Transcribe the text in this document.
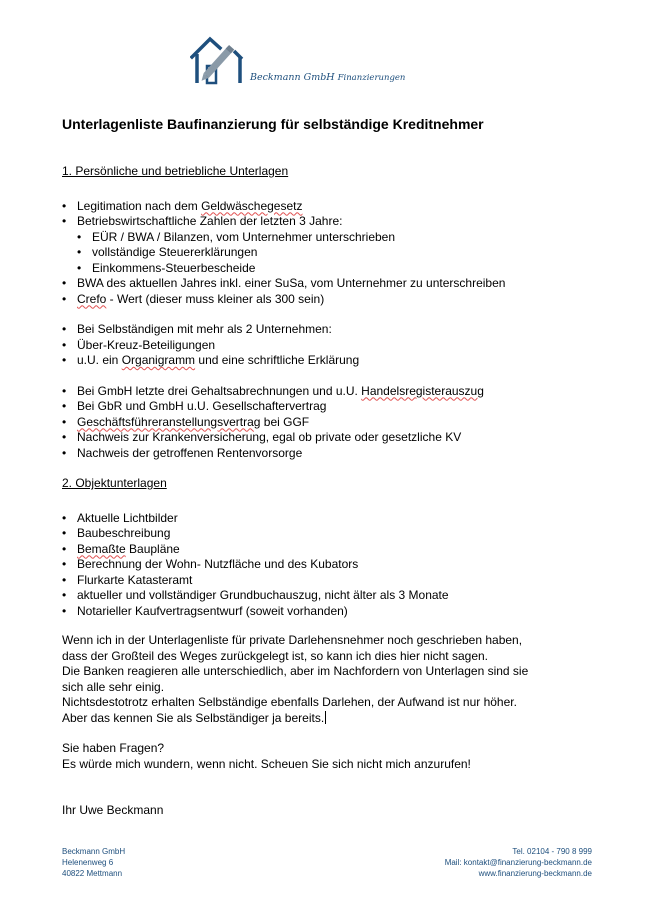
Beckmann GmbH Finanzierungen
Unterlagenliste Baufinanzierung für selbständige Kreditnehmer
1. Persönliche und betriebliche Unterlagen
• Legitimation nach dem Geldwäschegesetz
• Betriebswirtschaftliche Zahlen der letzten 3 Jahre:
• EÜR / BWA / Bilanzen, vom Unternehmer unterschrieben
• vollständige Steuererklärungen
• Einkommens-Steuerbescheide
• BWA des aktuellen Jahres inkl. einer SuSa, vom Unternehmer zu unterschreiben
• Crefo - Wert (dieser muss kleiner als 300 sein)
• Bei Selbständigen mit mehr als 2 Unternehmen:
• Über-Kreuz-Beteiligungen
• u.U. ein Organigramm und eine schriftliche Erklärung
• Bei GmbH letzte drei Gehaltsabrechnungen und u.U. Handelsregisterauszug
• Bei GbR und GmbH u.U. Gesellschaftervertrag
• Geschäftsführeranstellungsvertrag bei GGF
• Nachweis zur Krankenversicherung, egal ob private oder gesetzliche KV
• Nachweis der getroffenen Rentenvorsorge
2. Objektunterlagen
• Aktuelle Lichtbilder
• Baubeschreibung
• Bemaßte Baupläne
• Berechnung der Wohn- Nutzfläche und des Kubators
• Flurkarte Katasteramt
• aktueller und vollständiger Grundbuchauszug, nicht älter als 3 Monate
• Notarieller Kaufvertragsentwurf (soweit vorhanden)
Wenn ich in der Unterlagenliste für private Darlehensnehmer noch geschrieben haben,
dass der Großteil des Weges zurückgelegt ist, so kann ich dies hier nicht sagen.
Die Banken reagieren alle unterschiedlich, aber im Nachfordern von Unterlagen sind sie
sich alle sehr einig.
Nichtsdestotrotz erhalten Selbständige ebenfalls Darlehen, der Aufwand ist nur höher.
Aber das kennen Sie als Selbständiger ja bereits.
Sie haben Fragen?
Es würde mich wundern, wenn nicht. Scheuen Sie sich nicht mich anzurufen!
Ihr Uwe Beckmann
Beckmann GmbH
Helenenweg 6
40822 Mettmann
Tel. 02104 - 790 8 999
Mail: kontakt@finanzierung-beckmann.de
www.finanzierung-beckmann.de
